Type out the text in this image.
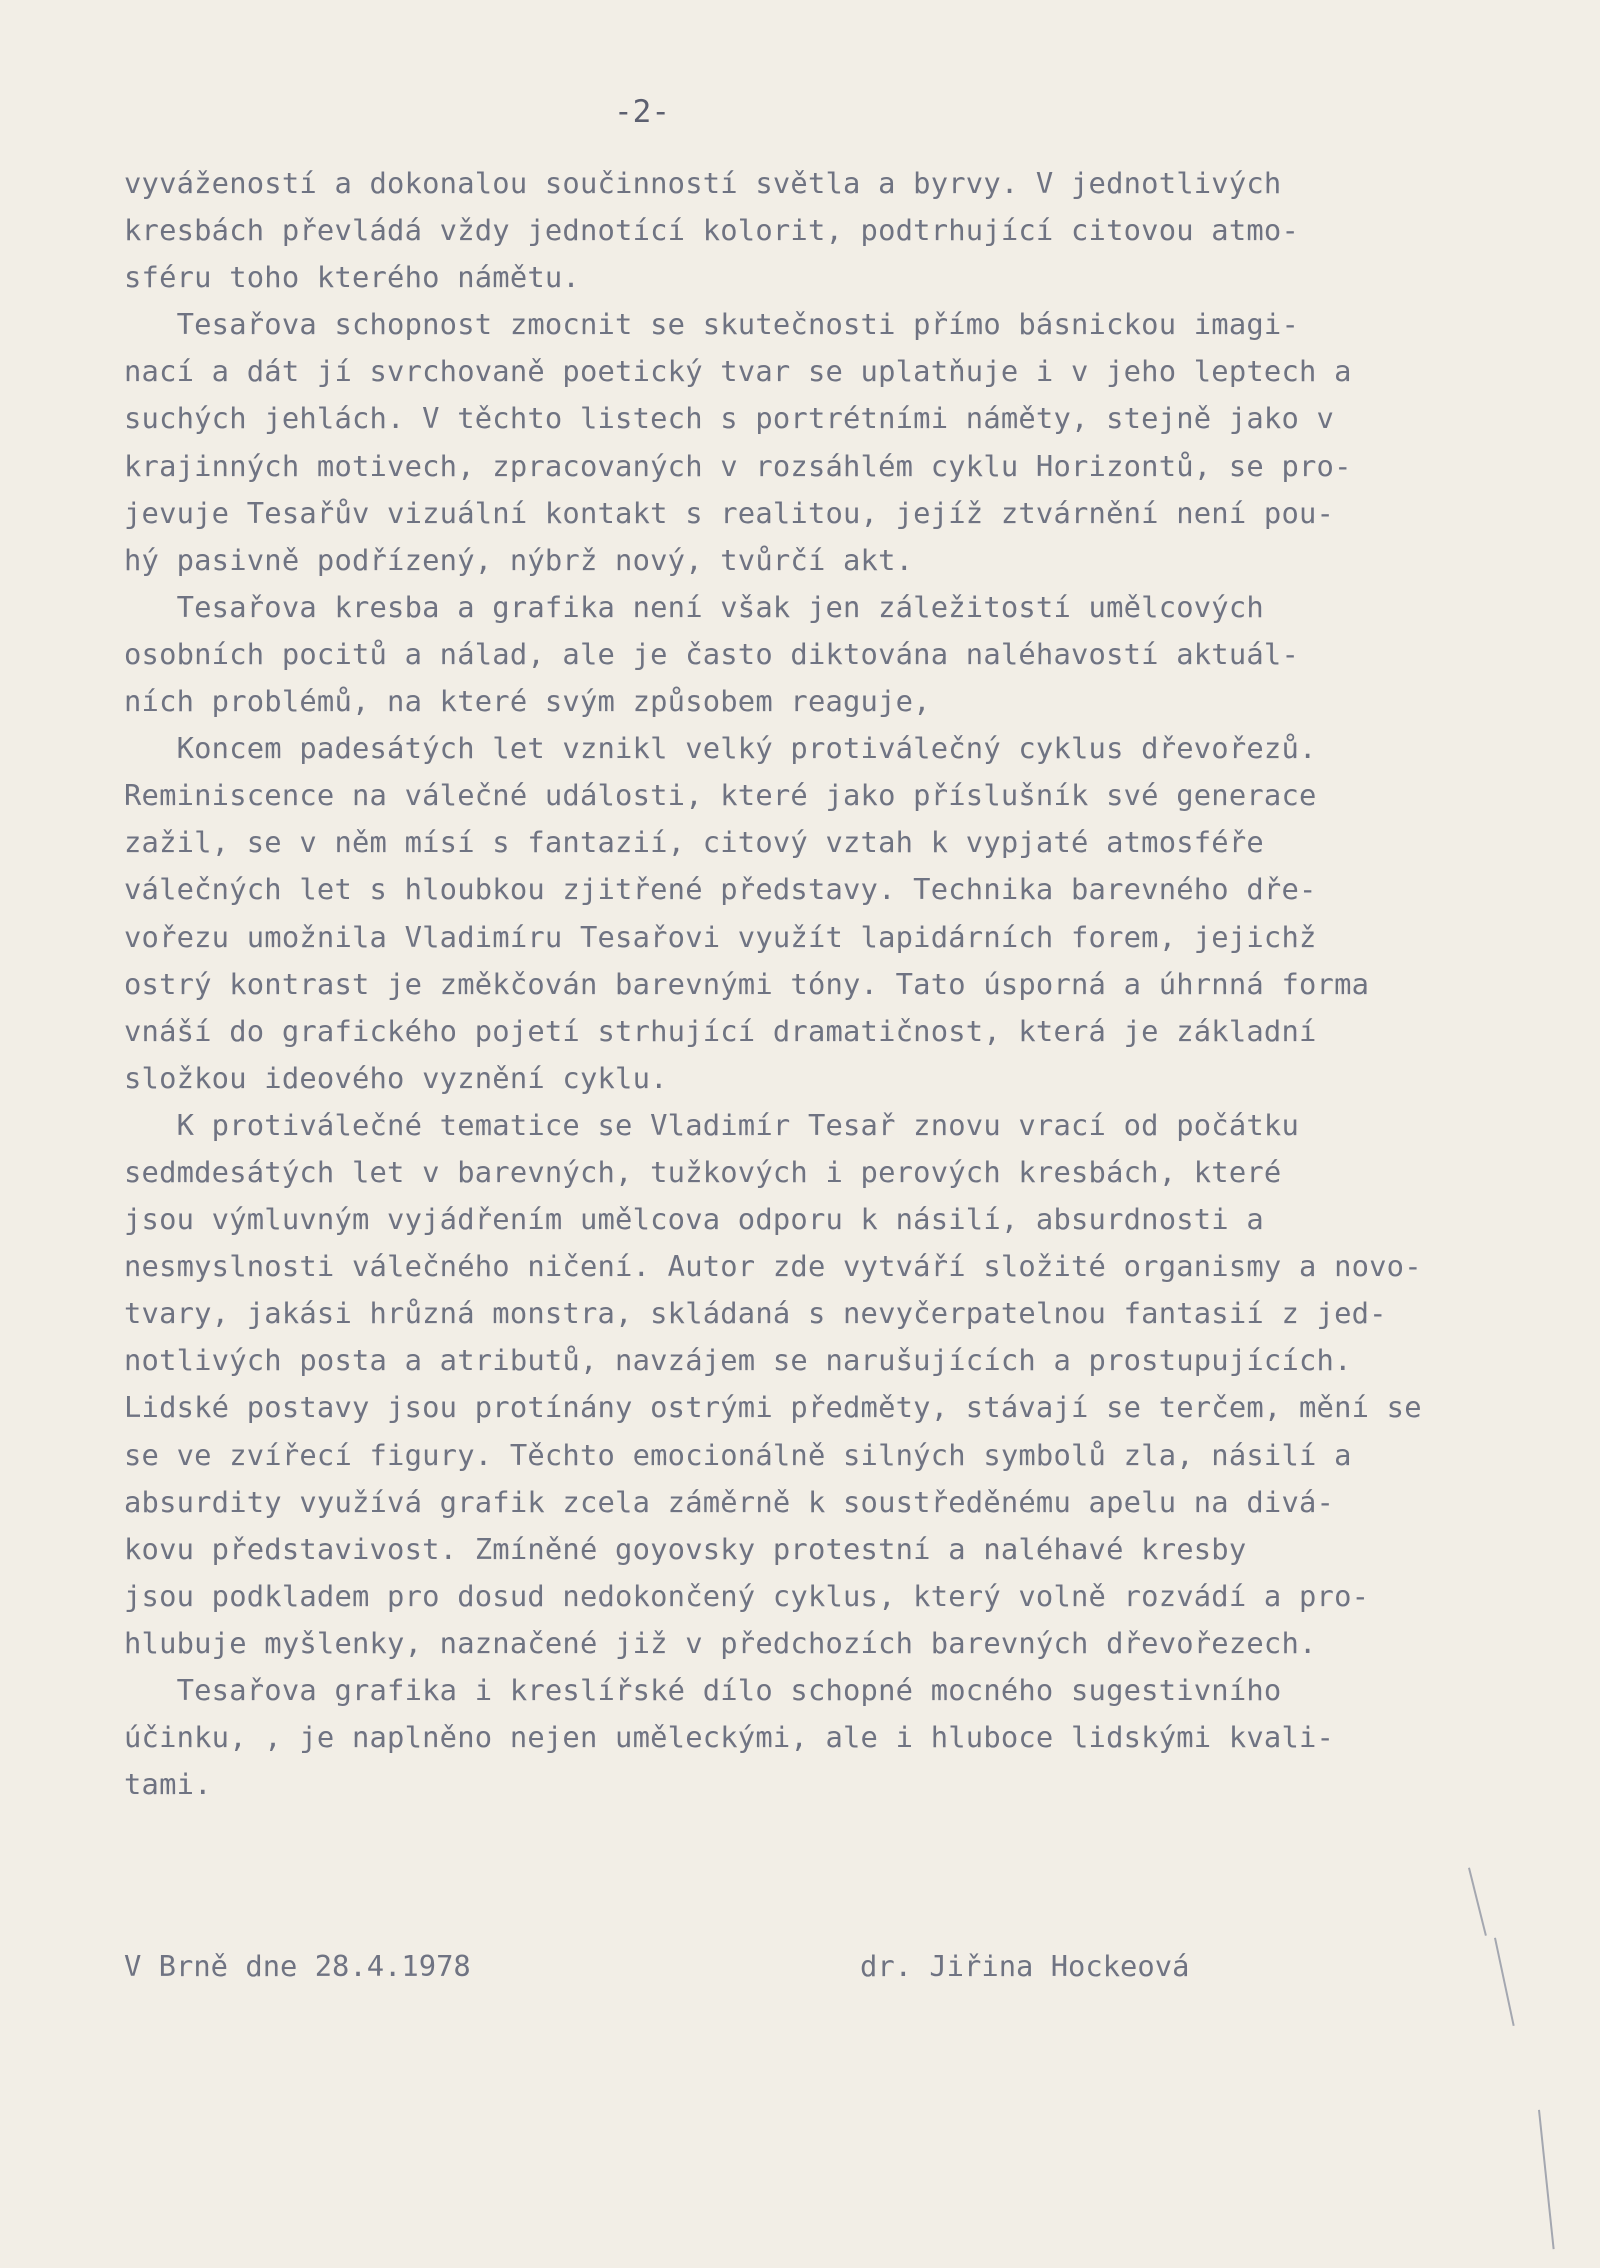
-2-
vyvážeností a dokonalou součinností světla a byrvy. V jednotlivých
kresbách převládá vždy jednotící kolorit, podtrhující citovou atmo-
sféru toho kterého námětu.
Tesařova schopnost zmocnit se skutečnosti přímo básnickou imagi-
nací a dát jí svrchovaně poetický tvar se uplatňuje i v jeho leptech a
suchých jehlách. V těchto listech s portrétními náměty, stejně jako v
krajinných motivech, zpracovaných v rozsáhlém cyklu Horizontů, se pro-
jevuje Tesařův vizuální kontakt s realitou, jejíž ztvárnění není pou-
hý pasivně podřízený, nýbrž nový, tvůrčí akt.
Tesařova kresba a grafika není však jen záležitostí umělcových
osobních pocitů a nálad, ale je často diktována naléhavostí aktuál-
ních problémů, na které svým způsobem reaguje,
Koncem padesátých let vznikl velký protiválečný cyklus dřevořezů.
Reminiscence na válečné události, které jako příslušník své generace
zažil, se v něm mísí s fantazií, citový vztah k vypjaté atmosféře
válečných let s hloubkou zjitřené představy. Technika barevného dře-
vořezu umožnila Vladimíru Tesařovi využít lapidárních forem, jejichž
ostrý kontrast je změkčován barevnými tóny. Tato úsporná a úhrnná forma
vnáší do grafického pojetí strhující dramatičnost, která je základní
složkou ideového vyznění cyklu.
K protiválečné tematice se Vladimír Tesař znovu vrací od počátku
sedmdesátých let v barevných, tužkových i perových kresbách, které
jsou výmluvným vyjádřením umělcova odporu k násilí, absurdnosti a
nesmyslnosti válečného ničení. Autor zde vytváří složité organismy a novo-
tvary, jakási hrůzná monstra, skládaná s nevyčerpatelnou fantasií z jed-
notlivých posta a atributů, navzájem se narušujících a prostupujících.
Lidské postavy jsou protínány ostrými předměty, stávají se terčem, mění se
se ve zvířecí figury. Těchto emocionálně silných symbolů zla, násilí a
absurdity využívá grafik zcela záměrně k soustředěnému apelu na divá-
kovu představivost. Zmíněné goyovsky protestní a naléhavé kresby
jsou podkladem pro dosud nedokončený cyklus, který volně rozvádí a pro-
hlubuje myšlenky, naznačené již v předchozích barevných dřevořezech.
Tesařova grafika i kreslířské dílo schopné mocného sugestivního
účinku, , je naplněno nejen uměleckými, ale i hluboce lidskými kvali-
tami.
V Brně dne 28.4.1978	dr. Jiřina Hockeová
